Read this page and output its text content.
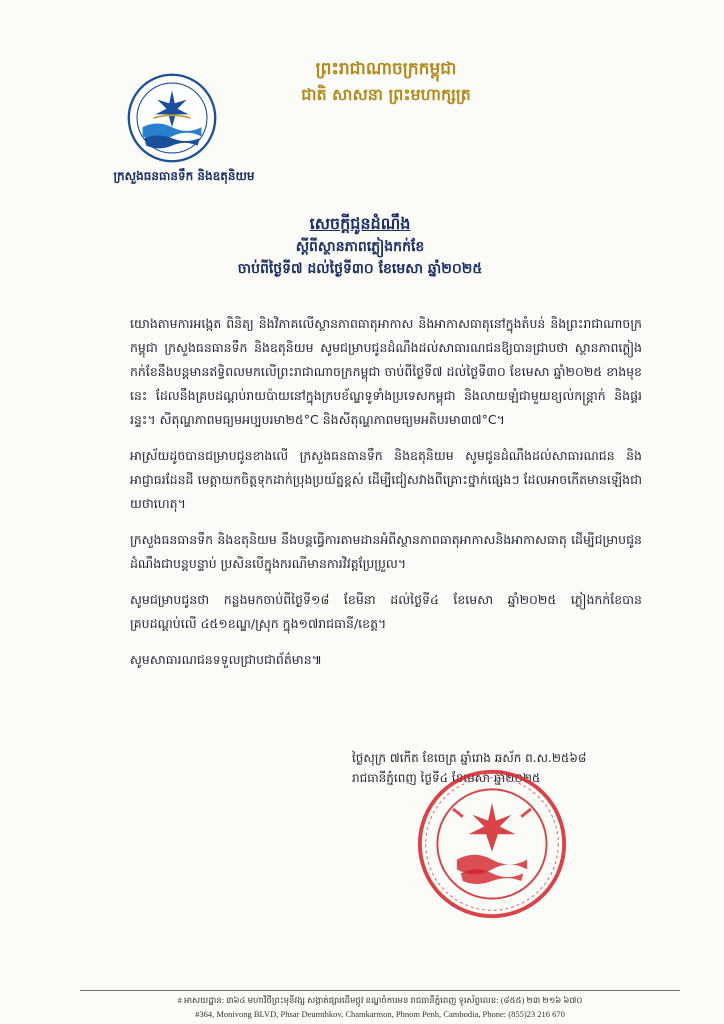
ក្រសួងធនធានទឹក និងឧតុនិយម
ព្រះរាជាណាចក្រកម្ពុជា
ជាតិ សាសនា ព្រះមហាក្សត្រ
សេចក្តីជូនដំណឹង
ស្តីពីស្ថានភាពភ្លៀងកក់ខែ
ចាប់ពីថ្ងៃទី៧ ដល់ថ្ងៃទី៣០ ខែមេសា ឆ្នាំ២០២៥

យោងតាមការអង្កេត ពិនិត្យ និងវិភាគលើស្ថានភាពធាតុអាកាស និងអាកាសធាតុនៅក្នុងតំបន់ និងព្រះរាជាណាចក្រកម្ពុជា ក្រសួងធនធានទឹក និងឧតុនិយម សូមជម្រាបជូនដំណឹងដល់សាធារណជនឱ្យបានជ្រាបថា ស្ថានភាពភ្លៀងកក់ខែនឹងបន្តមានឥទ្ធិពលមកលើព្រះរាជាណាចក្រកម្ពុជា ចាប់ពីថ្ងៃទី៧ ដល់ថ្ងៃទី៣០ ខែមេសា ឆ្នាំ២០២៥ ខាងមុខនេះ ដែលនឹងគ្របដណ្តប់រាយប៉ាយនៅក្នុងក្របខ័ណ្ឌទូទាំងប្រទេសកម្ពុជា និងលាយឡំជាមួយខ្យល់កន្ត្រាក់ និងផ្គររន្ទះ។ សីតុណ្ហភាពមធ្យមអប្បបរមា២៥°C និងសីតុណ្ហភាពមធ្យមអតិបរមា៣៧°C។

អាស្រ័យដូចបានជម្រាបជូនខាងលើ ក្រសួងធនធានទឹក និងឧតុនិយម សូមជូនដំណឹងដល់សាធារណជន និងអាជ្ញាធរដែនដី មេត្តាយកចិត្តទុកដាក់ប្រុងប្រយ័ត្នខ្ពស់ ដើម្បីជៀសវាងពីគ្រោះថ្នាក់ផ្សេងៗ ដែលអាចកើតមានឡើងជាយថាហេតុ។

ក្រសួងធនធានទឹក និងឧតុនិយម នឹងបន្តធ្វើការតាមដានអំពីស្ថានភាពធាតុអាកាសនិងអាកាសធាតុ ដើម្បីជម្រាបជូនដំណឹងជាបន្តបន្ទាប់ ប្រសិនបើក្នុងករណីមានការវិវត្តប្រែប្រួល។

សូមជម្រាបជូនថា កន្លងមកចាប់ពីថ្ងៃទី១៨ ខែមីនា ដល់ថ្ងៃទី៤ ខែមេសា ឆ្នាំ២០២៥ ភ្លៀងកក់ខែបានគ្របដណ្តប់លើ ៤៥១ខណ្ឌ/ស្រុក ក្នុង១៧រាជធានី/ខេត្ត។

សូមសាធារណជនទទួលជ្រាបជាព័ត៌មាន៕

ថ្ងៃសុក្រ ៧កើត ខែចេត្រ ឆ្នាំរោង ឆស័ក ព.ស.២៥៦៨
រាជធានីភ្នំពេញ ថ្ងៃទី៤ ខែមេសា ឆ្នាំ២០២៥
# អាសយដ្ឋាន: ៣៦៤ មហាវិថីព្រះមុនីវង្ស សង្កាត់ផ្សារដើមថ្កូវ ខណ្ឌចំការមន រាជធានីភ្នំពេញ ទូរស័ព្ទលេខ: (៨៥៥) ២៣ ២១៦ ៦៧០
#364, Monivong BLVD, Phsar Deumthkov, Chamkarmon, Phnom Penh, Cambodia, Phone: (855)23 216 670
